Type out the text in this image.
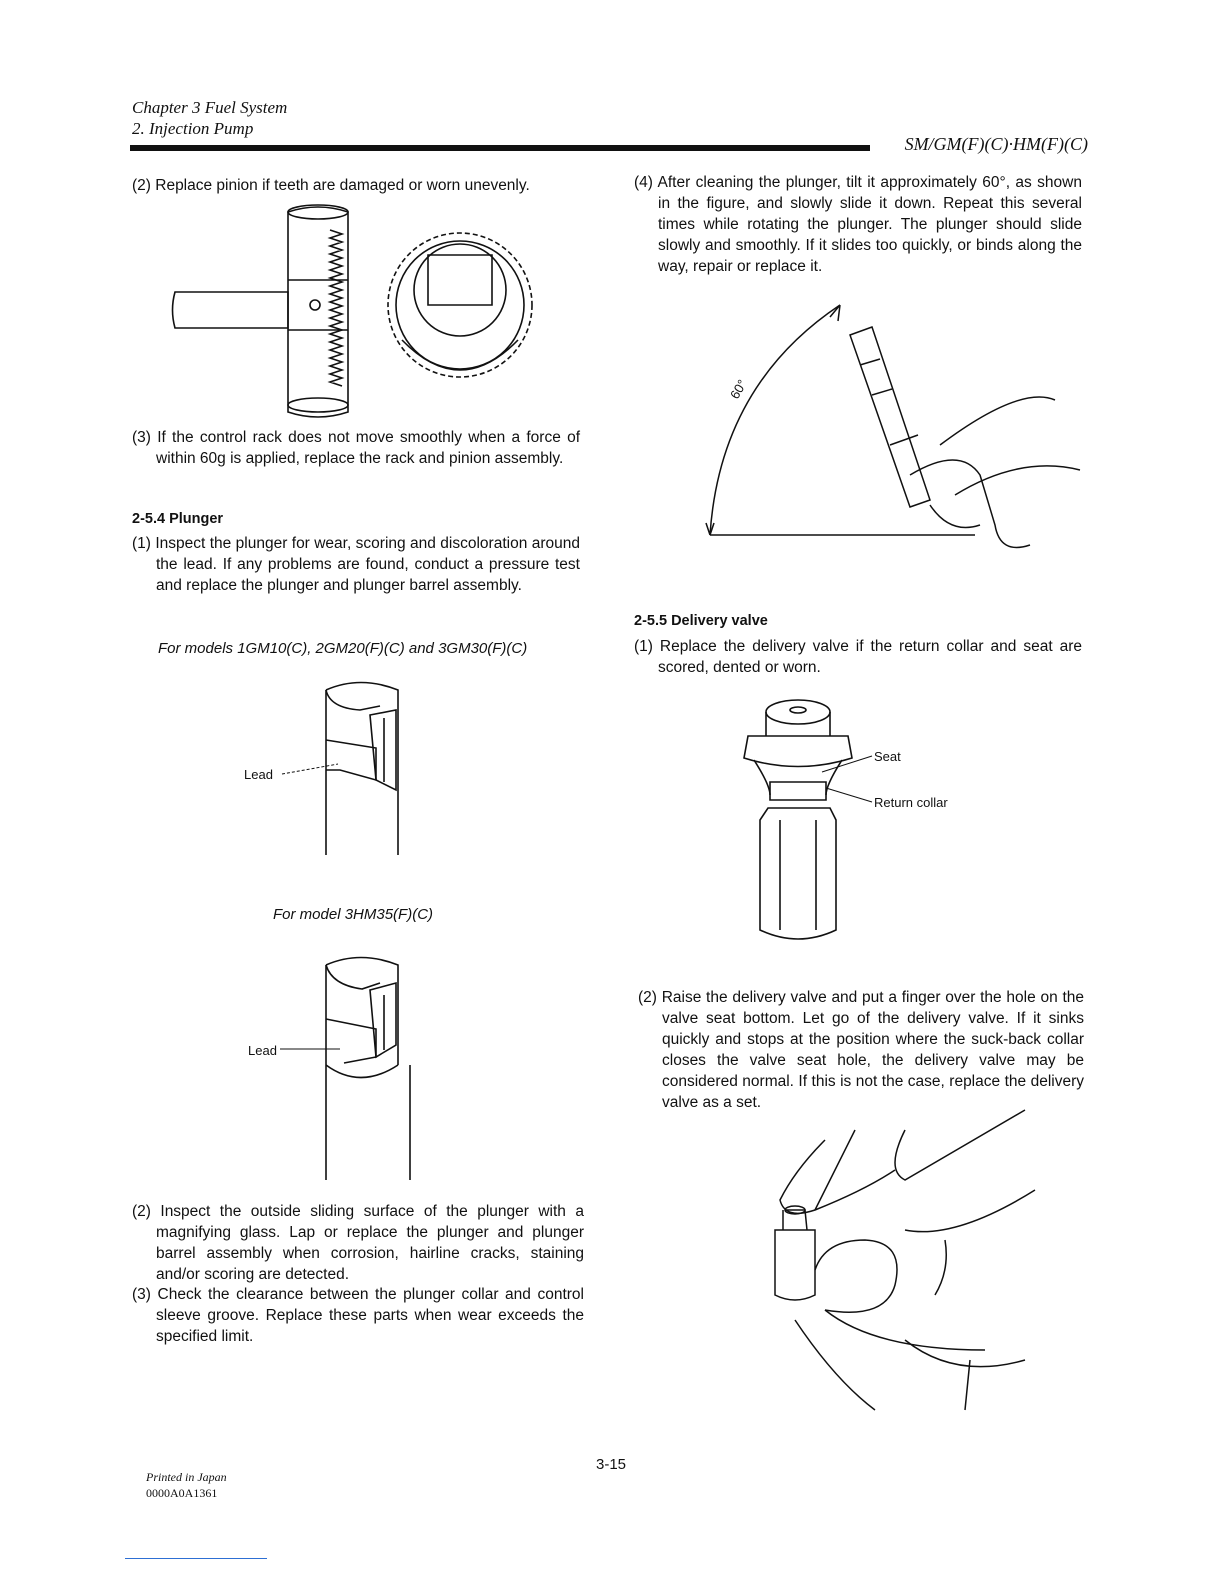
Chapter 3 Fuel System
2. Injection Pump
SM/GM(F)(C)·HM(F)(C)
(2) Replace pinion if teeth are damaged or worn unevenly.
(3) If the control rack does not move smoothly when a force of within 60g is applied, replace the rack and pinion assembly.
2-5.4 Plunger
(1) Inspect the plunger for wear, scoring and discoloration around the lead. If any problems are found, conduct a pressure test and replace the plunger and plunger barrel assembly.
For models 1GM10(C), 2GM20(F)(C) and 3GM30(F)(C)
Lead
For model 3HM35(F)(C)
Lead
(2) Inspect the outside sliding surface of the plunger with a magnifying glass. Lap or replace the plunger and plunger barrel assembly when corrosion, hairline cracks, staining and/or scoring are detected.
(3) Check the clearance between the plunger collar and control sleeve groove. Replace these parts when wear exceeds the specified limit.
(4) After cleaning the plunger, tilt it approximately 60°, as shown in the figure, and slowly slide it down. Repeat this several times while rotating the plunger. The plunger should slide slowly and smoothly. If it slides too quickly, or binds along the way, repair or replace it.
60°
2-5.5 Delivery valve
(1) Replace the delivery valve if the return collar and seat are scored, dented or worn.
Seat
Return collar
(2) Raise the delivery valve and put a finger over the hole on the valve seat bottom. Let go of the delivery valve. If it sinks quickly and stops at the position where the suck-back collar closes the valve seat hole, the delivery valve may be considered normal. If this is not the case, replace the delivery valve as a set.
3-15
Printed in Japan
0000A0A1361
